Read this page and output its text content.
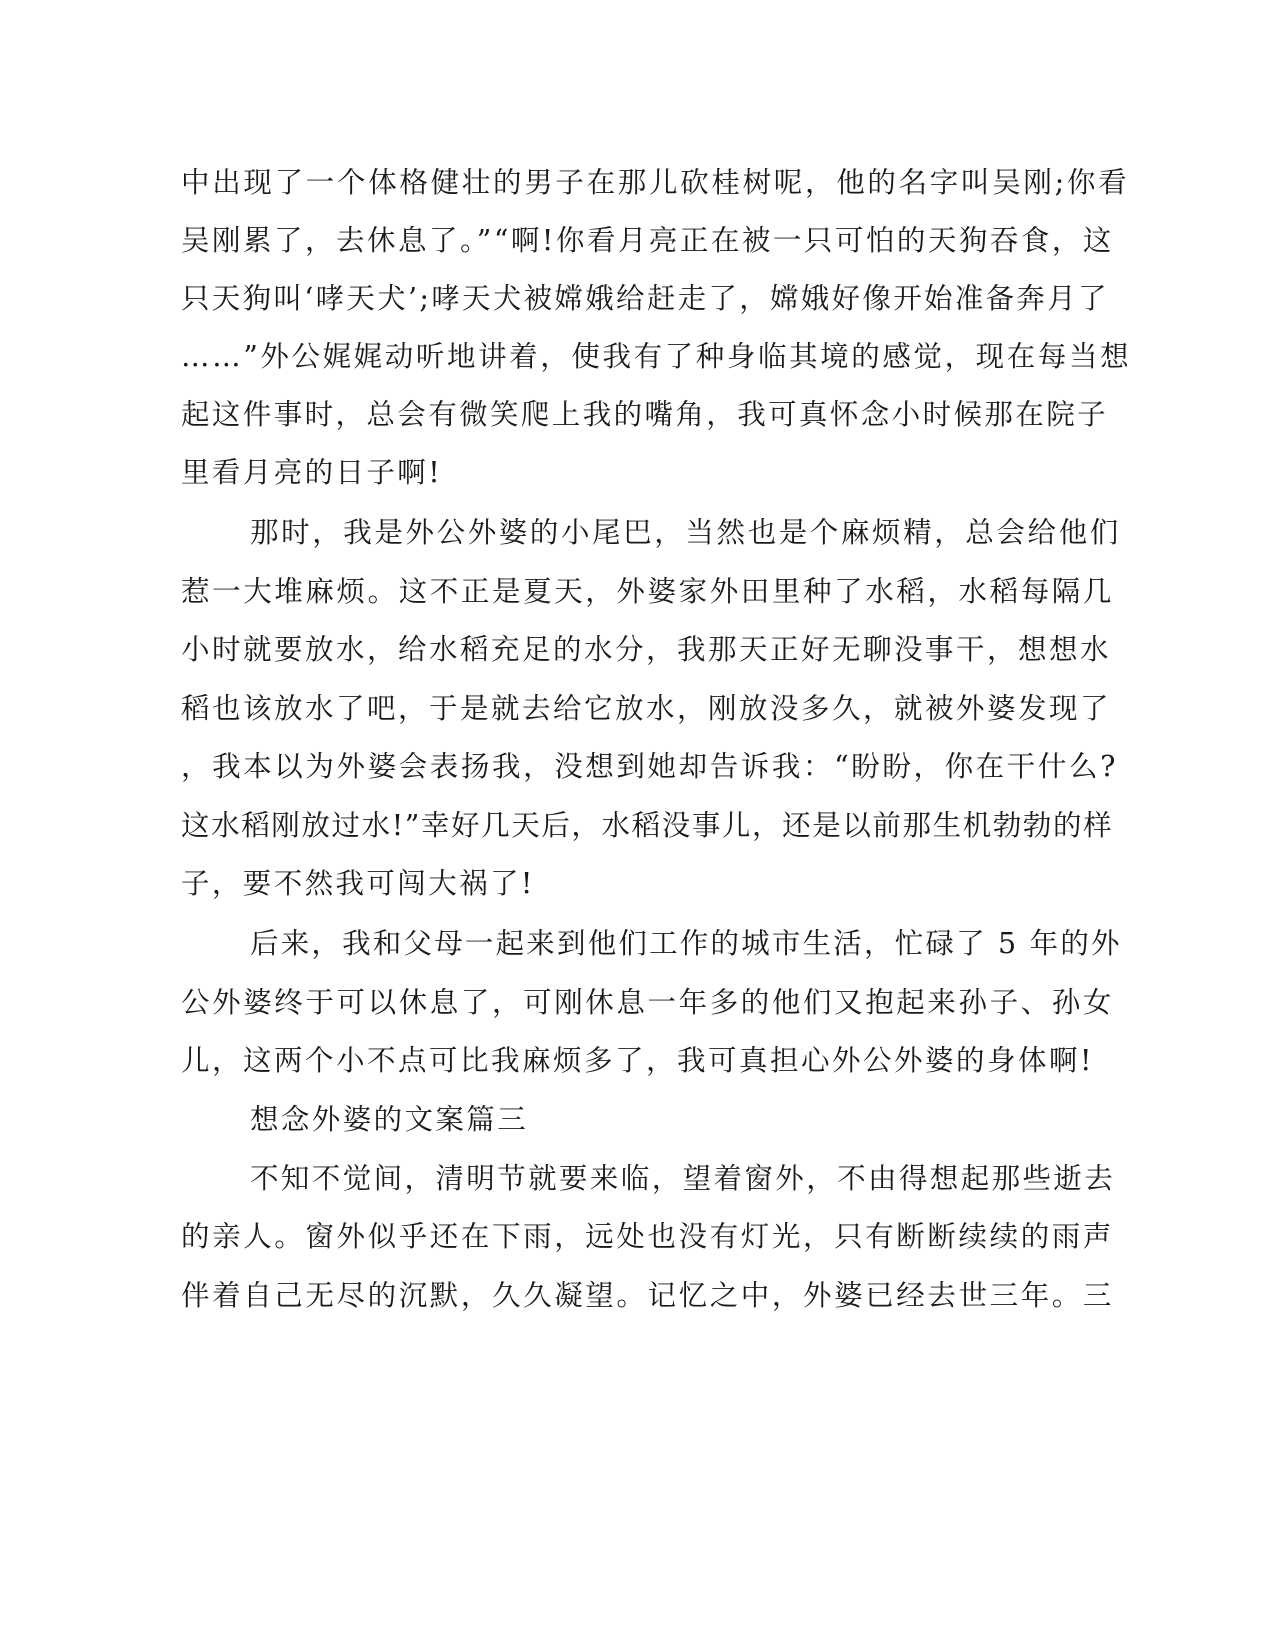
中出现了一个体格健壮的男子在那儿砍桂树呢，他的名字叫吴刚;你看

吴刚累了，去休息了。”“啊!你看月亮正在被一只可怕的天狗吞食，这

只天狗叫‘哮天犬’;哮天犬被嫦娥给赶走了，嫦娥好像开始准备奔月了

……”外公娓娓动听地讲着，使我有了种身临其境的感觉，现在每当想

起这件事时，总会有微笑爬上我的嘴角，我可真怀念小时候那在院子

里看月亮的日子啊!

那时，我是外公外婆的小尾巴，当然也是个麻烦精，总会给他们

惹一大堆麻烦。这不正是夏天，外婆家外田里种了水稻，水稻每隔几

小时就要放水，给水稻充足的水分，我那天正好无聊没事干，想想水

稻也该放水了吧，于是就去给它放水，刚放没多久，就被外婆发现了

，我本以为外婆会表扬我，没想到她却告诉我：“盼盼，你在干什么?

这水稻刚放过水!”幸好几天后，水稻没事儿，还是以前那生机勃勃的样

子，要不然我可闯大祸了!

后来，我和父母一起来到他们工作的城市生活，忙碌了 5 年的外

公外婆终于可以休息了，可刚休息一年多的他们又抱起来孙子、孙女

儿，这两个小不点可比我麻烦多了，我可真担心外公外婆的身体啊!

想念外婆的文案篇三

不知不觉间，清明节就要来临，望着窗外，不由得想起那些逝去

的亲人。窗外似乎还在下雨，远处也没有灯光，只有断断续续的雨声

伴着自己无尽的沉默，久久凝望。记忆之中，外婆已经去世三年。三
